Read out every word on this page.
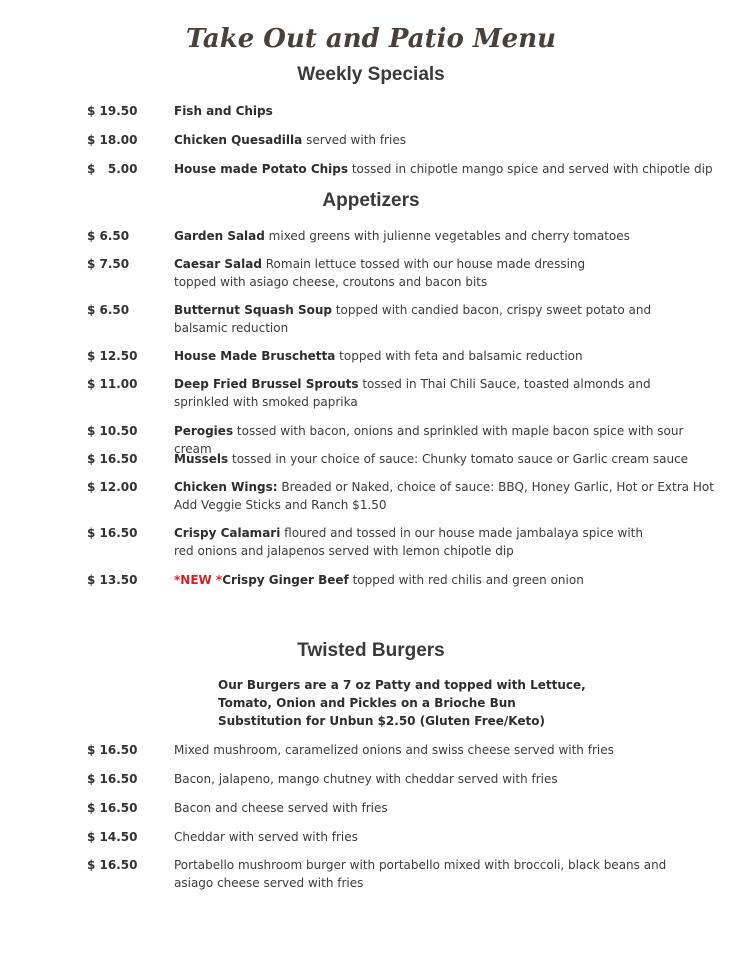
Take Out and Patio Menu
Weekly Specials
$ 19.50	Fish and Chips
$ 18.00	Chicken Quesadilla served with fries
$   5.00	House made Potato Chips tossed in chipotle mango spice and served with chipotle dip
Appetizers
$ 6.50	Garden Salad mixed greens with julienne vegetables and cherry tomatoes
$ 7.50	Caesar Salad Romain lettuce tossed with our house made dressing
topped with asiago cheese, croutons and bacon bits
$ 6.50	Butternut Squash Soup topped with candied bacon, crispy sweet potato and balsamic reduction
$ 12.50	House Made Bruschetta topped with feta and balsamic reduction
$ 11.00	Deep Fried Brussel Sprouts tossed in Thai Chili Sauce, toasted almonds and sprinkled with smoked paprika
$ 10.50	Perogies tossed with bacon, onions and sprinkled with maple bacon spice with sour cream
$ 16.50	Mussels tossed in your choice of sauce: Chunky tomato sauce or Garlic cream sauce
$ 12.00	Chicken Wings: Breaded or Naked, choice of sauce: BBQ, Honey Garlic, Hot or Extra Hot
Add Veggie Sticks and Ranch $1.50
$ 16.50	Crispy Calamari floured and tossed in our house made jambalaya spice with
red onions and jalapenos served with lemon chipotle dip
$ 13.50	*NEW *Crispy Ginger Beef topped with red chilis and green onion
Twisted Burgers
Our Burgers are a 7 oz Patty and topped with Lettuce,
Tomato, Onion and Pickles on a Brioche Bun
Substitution for Unbun $2.50 (Gluten Free/Keto)
$ 16.50	Mixed mushroom, caramelized onions and swiss cheese served with fries
$ 16.50	Bacon, jalapeno, mango chutney with cheddar served with fries
$ 16.50	Bacon and cheese served with fries
$ 14.50	Cheddar with served with fries
$ 16.50	Portabello mushroom burger with portabello mixed with broccoli, black beans and asiago cheese served with fries
